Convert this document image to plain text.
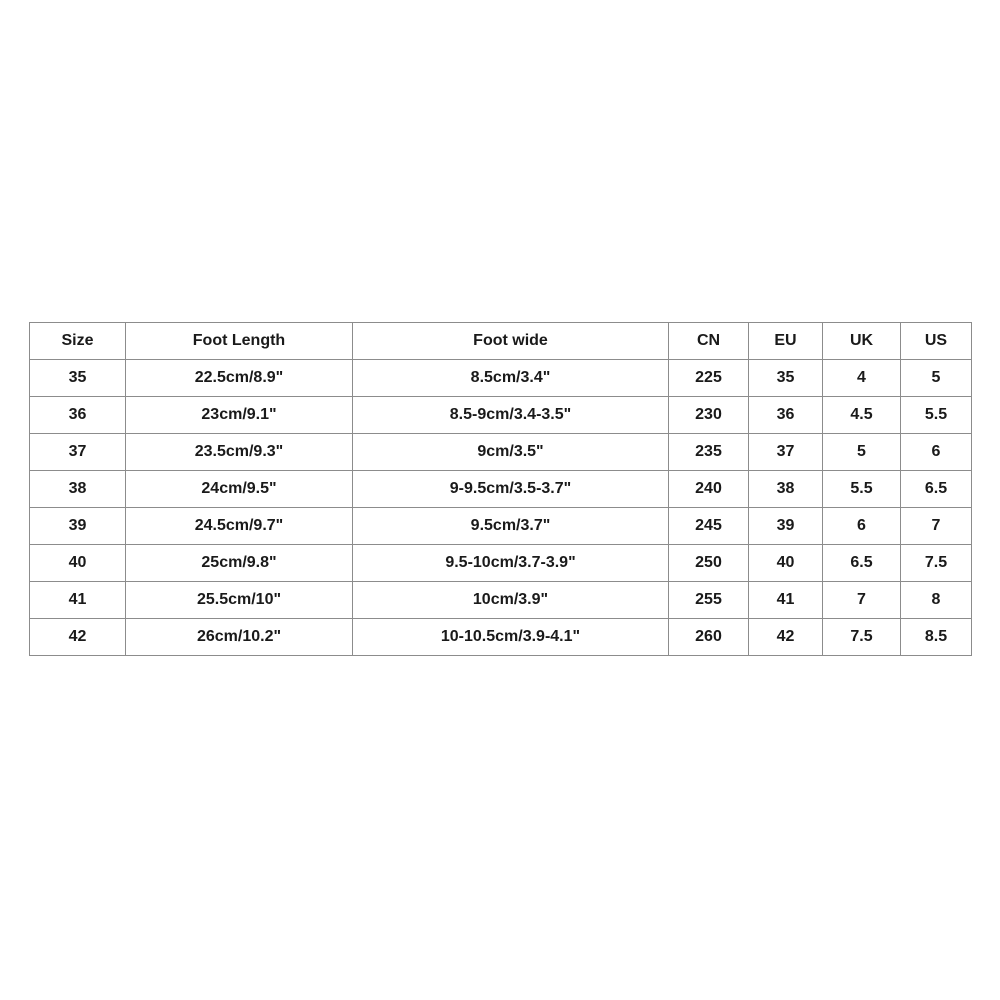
Size	Foot Length	Foot wide	CN	EU	UK	US
35	22.5cm/8.9"	8.5cm/3.4"	225	35	4	5
36	23cm/9.1"	8.5-9cm/3.4-3.5"	230	36	4.5	5.5
37	23.5cm/9.3"	9cm/3.5"	235	37	5	6
38	24cm/9.5"	9-9.5cm/3.5-3.7"	240	38	5.5	6.5
39	24.5cm/9.7"	9.5cm/3.7"	245	39	6	7
40	25cm/9.8"	9.5-10cm/3.7-3.9"	250	40	6.5	7.5
41	25.5cm/10"	10cm/3.9"	255	41	7	8
42	26cm/10.2"	10-10.5cm/3.9-4.1"	260	42	7.5	8.5
